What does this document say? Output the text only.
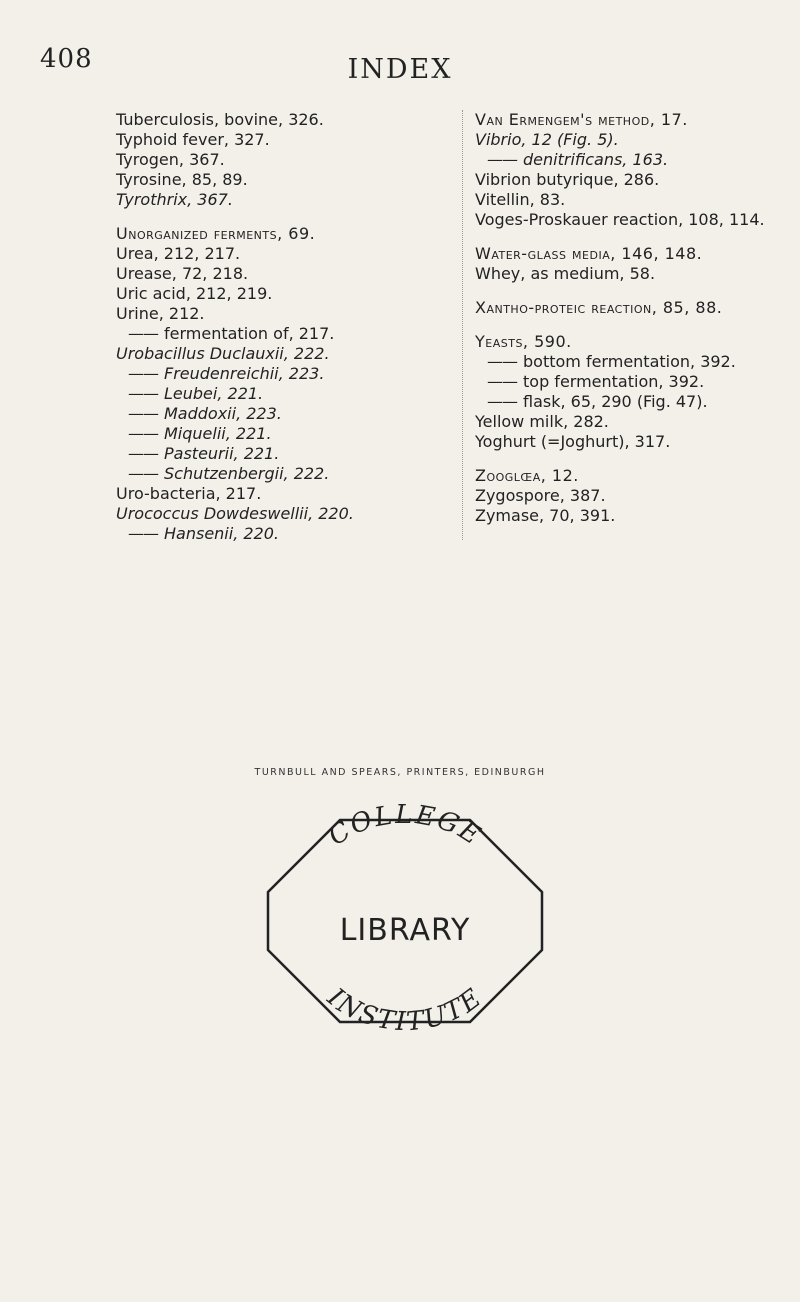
408	INDEX
Tuberculosis, bovine, 326.
Typhoid fever, 327.
Tyrogen, 367.
Tyrosine, 85, 89.
Tyrothrix, 367.
Unorganized ferments, 69.
Urea, 212, 217.
Urease, 72, 218.
Uric acid, 212, 219.
Urine, 212.
—— fermentation of, 217.
Urobacillus Duclauxii, 222.
—— Freudenreichii, 223.
—— Leubei, 221.
—— Maddoxii, 223.
—— Miquelii, 221.
—— Pasteurii, 221.
—— Schutzenbergii, 222.
Uro-bacteria, 217.
Urococcus Dowdeswellii, 220.
—— Hansenii, 220.
Van Ermengem's method, 17.
Vibrio, 12 (Fig. 5).
—— denitrificans, 163.
Vibrion butyrique, 286.
Vitellin, 83.
Voges-Proskauer reaction, 108, 114.
Water-glass media, 146, 148.
Whey, as medium, 58.
Xantho-proteic reaction, 85, 88.
Yeasts, 590.
—— bottom fermentation, 392.
—— top fermentation, 392.
—— flask, 65, 290 (Fig. 47).
Yellow milk, 282.
Yoghurt (=Joghurt), 317.
Zooglœa, 12.
Zygospore, 387.
Zymase, 70, 391.
TURNBULL AND SPEARS, PRINTERS, EDINBURGH
COLLEGE
LIBRARY
INSTITUTE
